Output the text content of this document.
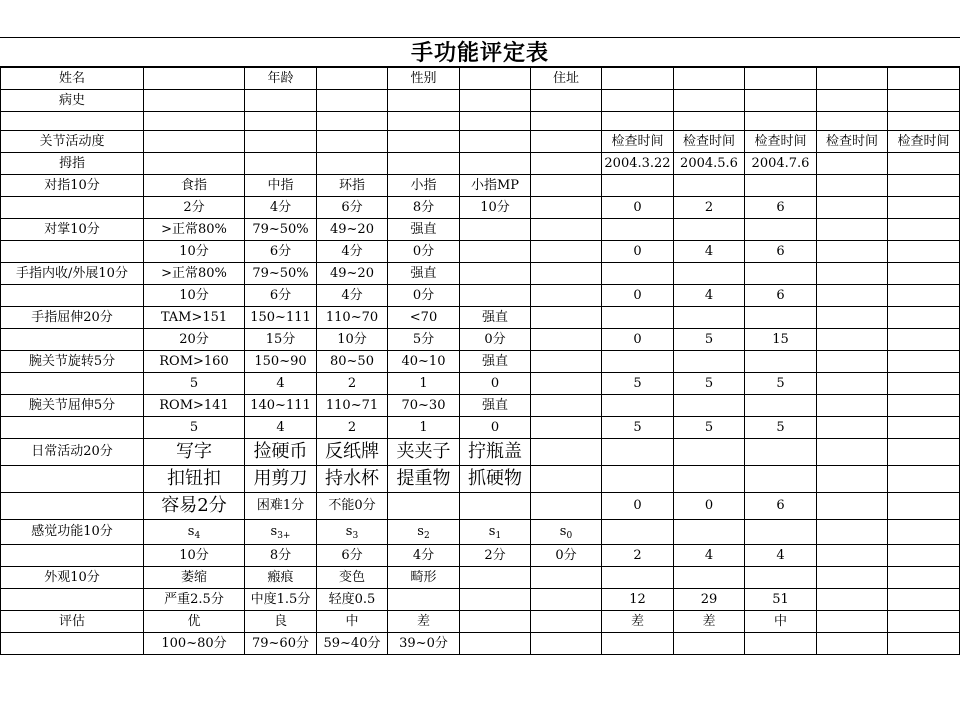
手功能评定表
姓名		年龄		性别		住址					
病史											

关节活动度							检查时间	检查时间	检查时间	检查时间	检查时间
拇指							2004.3.22	2004.5.6	2004.7.6		
对指10分	食指	中指	环指	小指	小指MP						
	2分	4分	6分	8分	10分		0	2	6		
对掌10分	>正常80%	79~50%	49~20	强直							
	10分	6分	4分	0分			0	4	6		
手指内收/外展10分	>正常80%	79~50%	49~20	强直							
	10分	6分	4分	0分			0	4	6		
手指屈伸20分	TAM>151	150~111	110~70	<70	强直						
	20分	15分	10分	5分	0分		0	5	15		
腕关节旋转5分	ROM>160	150~90	80~50	40~10	强直						
	5	4	2	1	0		5	5	5		
腕关节屈伸5分	ROM>141	140~111	110~71	70~30	强直						
	5	4	2	1	0		5	5	5		
日常活动20分	写字	捡硬币	反纸牌	夹夹子	拧瓶盖						
	扣钮扣	用剪刀	持水杯	提重物	抓硬物						
	容易2分	困难1分	不能0分				0	0	6		
感觉功能10分	$s_4$	$s_{3+}$	$s_3$	$s_2$	$s_1$	$s_0$					
	10分	8分	6分	4分	2分	0分	2	4	4		
外观10分	萎缩	瘢痕	变色	畸形							
	严重2.5分	中度1.5分	轻度0.5				12	29	51		
评估	优	良	中	差			差	差	中		
	100~80分	79~60分	59~40分	39~0分							
